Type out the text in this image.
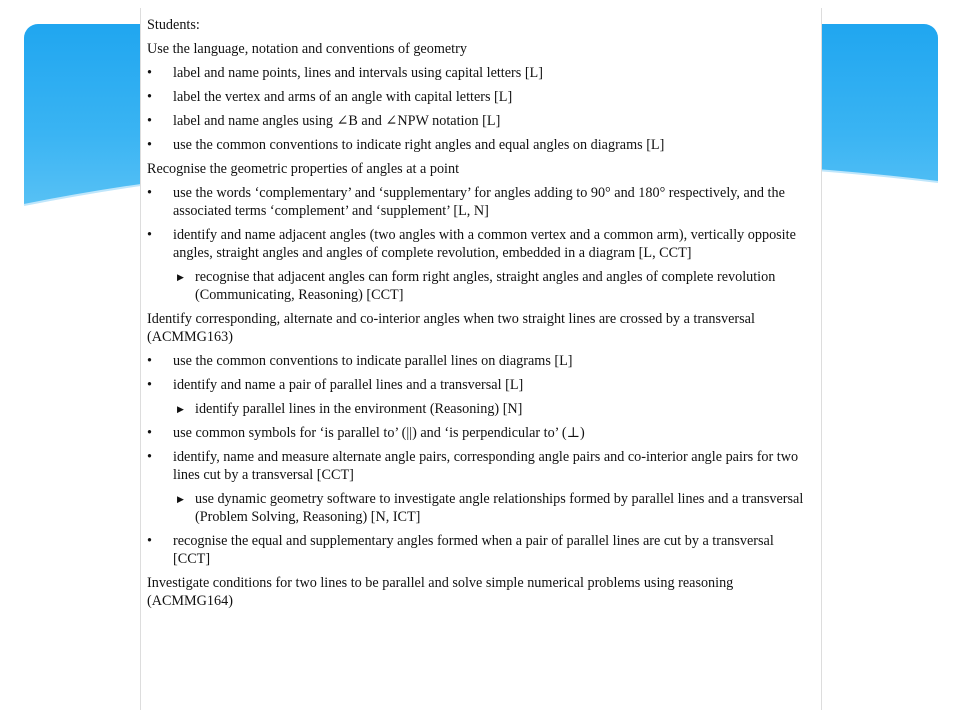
Students:
Use the language, notation and conventions of geometry
•	label and name points, lines and intervals using capital letters [L]
•	label the vertex and arms of an angle with capital letters [L]
•	label and name angles using ∠B and ∠NPW notation [L]
•	use the common conventions to indicate right angles and equal angles on diagrams [L]
Recognise the geometric properties of angles at a point
•	use the words ‘complementary’ and ‘supplementary’ for angles adding to 90° and 180° respectively, and the associated terms ‘complement’ and ‘supplement’ [L, N]
•	identify and name adjacent angles (two angles with a common vertex and a common arm), vertically opposite angles, straight angles and angles of complete revolution, embedded in a diagram [L, CCT]
▶ recognise that adjacent angles can form right angles, straight angles and angles of complete revolution (Communicating, Reasoning) [CCT]
Identify corresponding, alternate and co-interior angles when two straight lines are crossed by a transversal (ACMMG163)
•	use the common conventions to indicate parallel lines on diagrams [L]
•	identify and name a pair of parallel lines and a transversal [L]
▶ identify parallel lines in the environment (Reasoning) [N]
•	use common symbols for ‘is parallel to’ (||) and ‘is perpendicular to’ (⊥)
•	identify, name and measure alternate angle pairs, corresponding angle pairs and co-interior angle pairs for two lines cut by a transversal [CCT]
▶ use dynamic geometry software to investigate angle relationships formed by parallel lines and a transversal (Problem Solving, Reasoning) [N, ICT]
•	recognise the equal and supplementary angles formed when a pair of parallel lines are cut by a transversal [CCT]
Investigate conditions for two lines to be parallel and solve simple numerical problems using reasoning (ACMMG164)
